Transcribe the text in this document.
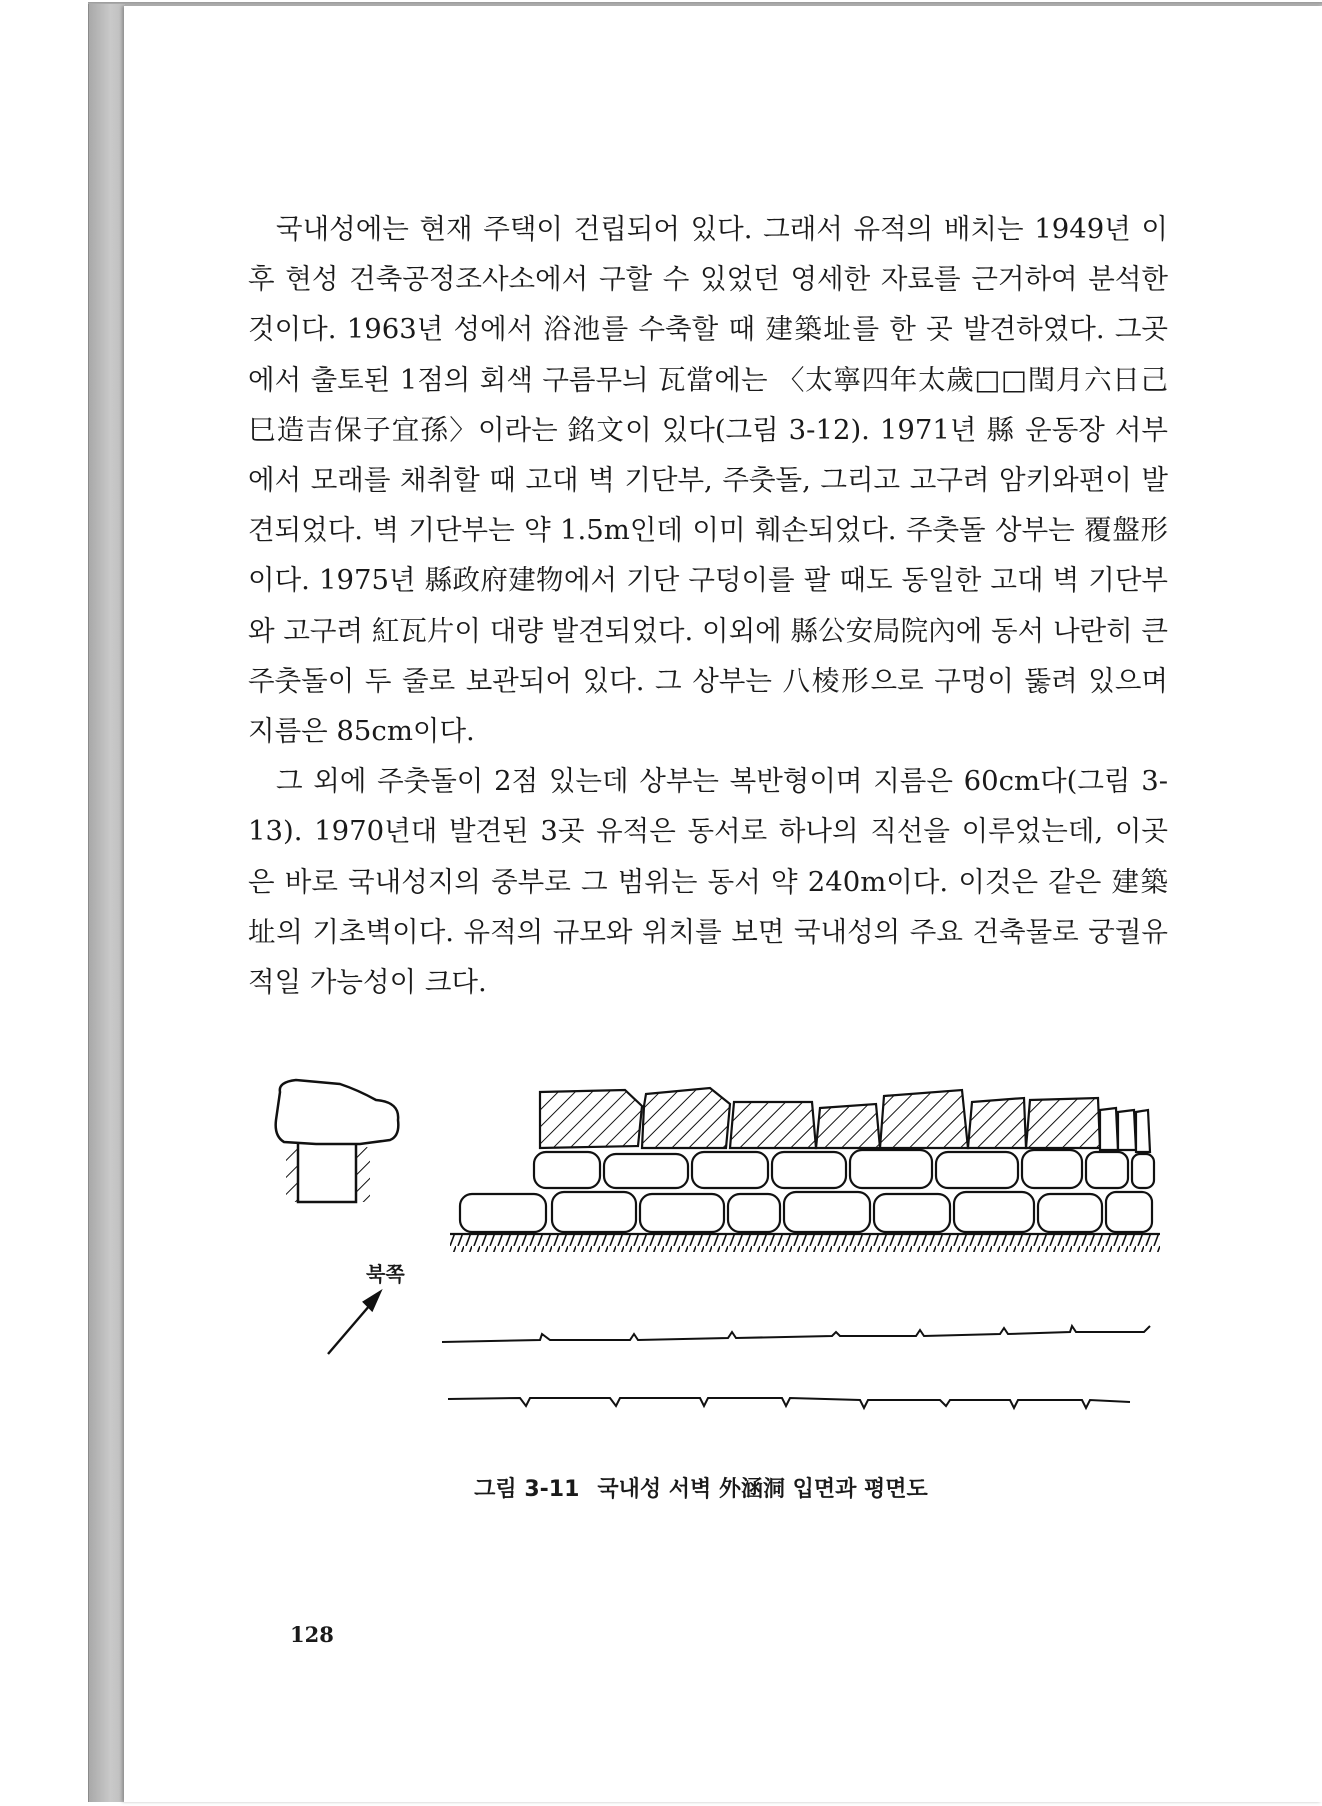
국내성에는 현재 주택이 건립되어 있다. 그래서 유적의 배치는 1949년 이후 현성 건축공정조사소에서 구할 수 있었던 영세한 자료를 근거하여 분석한 것이다. 1963년 성에서 浴池를 수축할 때 建築址를 한 곳 발견하였다. 그곳에서 출토된 1점의 회색 구름무늬 瓦當에는 〈太寧四年太歲□□閏月六日己巳造吉保子宜孫〉이라는 銘文이 있다(그림 3-12). 1971년 縣 운동장 서부에서 모래를 채취할 때 고대 벽 기단부, 주춧돌, 그리고 고구려 암키와편이 발견되었다. 벽 기단부는 약 1.5m인데 이미 훼손되었다. 주춧돌 상부는 覆盤形이다. 1975년 縣政府建物에서 기단 구덩이를 팔 때도 동일한 고대 벽 기단부와 고구려 紅瓦片이 대량 발견되었다. 이외에 縣公安局院內에 동서 나란히 큰 주춧돌이 두 줄로 보관되어 있다. 그 상부는 八棱形으로 구멍이 뚫려 있으며 지름은 85cm이다.

그 외에 주춧돌이 2점 있는데 상부는 복반형이며 지름은 60cm다(그림 3-13). 1970년대 발견된 3곳 유적은 동서로 하나의 직선을 이루었는데, 이곳은 바로 국내성지의 중부로 그 범위는 동서 약 240m이다. 이것은 같은 建築址의 기초벽이다. 유적의 규모와 위치를 보면 국내성의 주요 건축물로 궁궐유적일 가능성이 크다.

북쪽
그림 3-11 국내성 서벽 外涵洞 입면과 평면도
128
